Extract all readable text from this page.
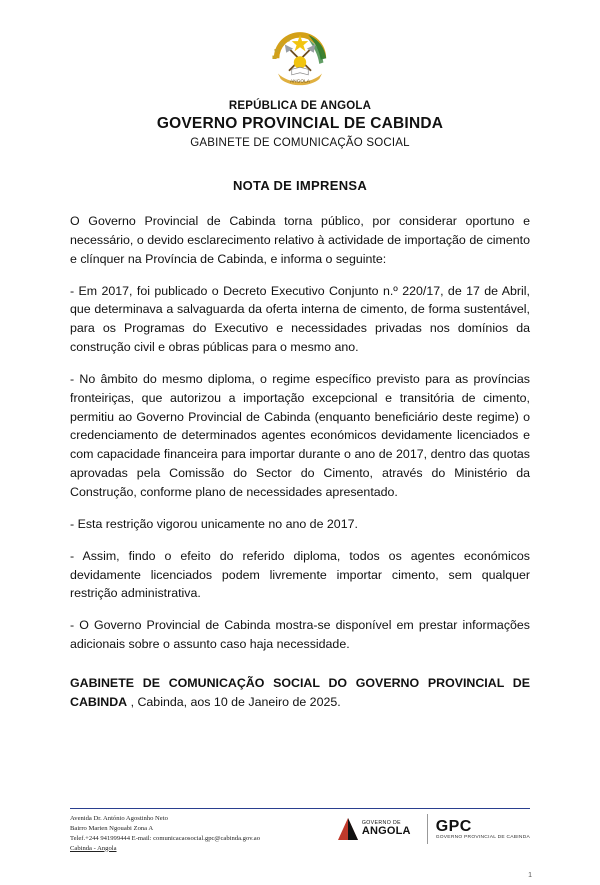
ANGOLA
REPÚBLICA DE ANGOLA
GOVERNO PROVINCIAL DE CABINDA
GABINETE DE COMUNICAÇÃO SOCIAL
NOTA DE IMPRENSA

O Governo Provincial de Cabinda torna público, por considerar oportuno e necessário, o devido esclarecimento relativo à actividade de importação de cimento e clínquer na Província de Cabinda, e informa o seguinte:

- Em 2017, foi publicado o Decreto Executivo Conjunto n.º 220/17, de 17 de Abril, que determinava a salvaguarda da oferta interna de cimento, de forma sustentável, para os Programas do Executivo e necessidades privadas nos domínios da construção civil e obras públicas para o mesmo ano.

- No âmbito do mesmo diploma, o regime específico previsto para as províncias fronteiriças, que autorizou a importação excepcional e transitória de cimento, permitiu ao Governo Provincial de Cabinda (enquanto beneficiário deste regime) o credenciamento de determinados agentes económicos devidamente licenciados e com capacidade financeira para importar durante o ano de 2017, dentro das quotas aprovadas pela Comissão do Sector do Cimento, através do Ministério da Construção, conforme plano de necessidades apresentado.

- Esta restrição vigorou unicamente no ano de 2017.

- Assim, findo o efeito do referido diploma, todos os agentes económicos devidamente licenciados podem livremente importar cimento, sem qualquer restrição administrativa.

- O Governo Provincial de Cabinda mostra-se disponível em prestar informações adicionais sobre o assunto caso haja necessidade.

GABINETE DE COMUNICAÇÃO SOCIAL DO GOVERNO PROVINCIAL DE CABINDA , Cabinda, aos 10 de Janeiro de 2025.

Avenida Dr. António Agostinho Neto
Bairro Marien Ngouabi Zona A
Telef.+244 941999444 E-mail: comunicacaosocial.gpc@cabinda.gov.ao
Cabinda - Angola
GOVERNO DE
ANGOLA GPC
GOVERNO PROVINCIAL DE CABINDA
1
